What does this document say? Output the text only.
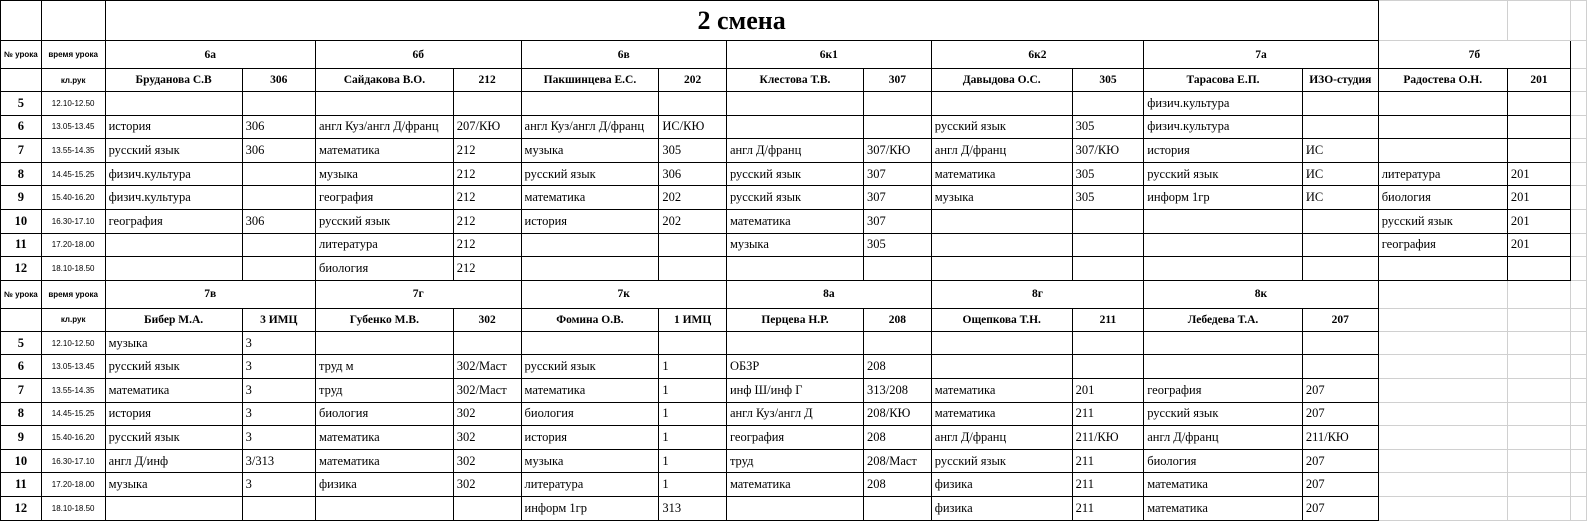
		2 смена														
№ урока	время урока	6а		6б		6в		6к1		6к2		7а		7б		
	кл.рук	Бруданова С.В	306	Сайдакова В.О.	212	Пакшинцева Е.С.	202	Клестова Т.В.	307	Давыдова О.С.	305	Тарасова Е.П.	ИЗО-студия	Радостева О.Н.	201	
5	12.10-12.50											физич.культура				
6	13.05-13.45	история	306	англ Куз/англ Д/франц	207/КЮ	англ Куз/англ Д/франц	ИС/КЮ			русский язык	305	физич.культура				
7	13.55-14.35	русский язык	306	математика	212	музыка	305	англ Д/франц	307/КЮ	англ Д/франц	307/КЮ	история	ИС			
8	14.45-15.25	физич.культура		музыка	212	русский язык	306	русский язык	307	математика	305	русский язык	ИС	литература	201	
9	15.40-16.20	физич.культура		география	212	математика	202	русский язык	307	музыка	305	информ 1гр	ИС	биология	201	
10	16.30-17.10	география	306	русский язык	212	история	202	математика	307					русский язык	201	
11	17.20-18.00			литература	212			музыка	305					география	201	
12	18.10-18.50			биология	212											
№ урока	время урока	7в		7г		7к		8а		8г		8к				
	кл.рук	Бибер М.А.	3 ИМЦ	Губенко М.В.	302	Фомина О.В.	1 ИМЦ	Перцева Н.Р.	208	Ощепкова Т.Н.	211	Лебедева Т.А.	207			
5	12.10-12.50	музыка	3													
6	13.05-13.45	русский язык	3	труд м	302/Маст	русский язык	1	ОБЗР	208							
7	13.55-14.35	математика	3	труд	302/Маст	математика	1	инф Ш/инф Г	313/208	математика	201	география	207			
8	14.45-15.25	история	3	биология	302	биология	1	англ Куз/англ Д	208/КЮ	математика	211	русский язык	207			
9	15.40-16.20	русский язык	3	математика	302	история	1	география	208	англ Д/франц	211/КЮ	англ Д/франц	211/КЮ			
10	16.30-17.10	англ Д/инф	3/313	математика	302	музыка	1	труд	208/Маст	русский язык	211	биология	207			
11	17.20-18.00	музыка	3	физика	302	литература	1	математика	208	физика	211	математика	207			
12	18.10-18.50					информ 1гр	313			физика	211	математика	207			
